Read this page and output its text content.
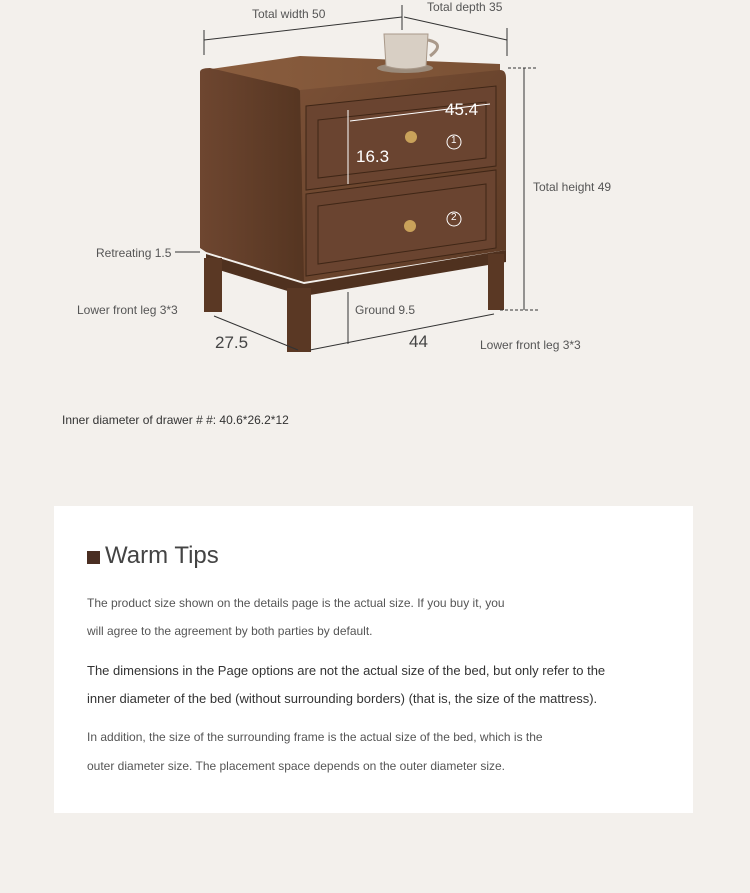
Total width 50	Total depth 35
Total height 49
Retreating 1.5
Lower front leg 3*3
Lower front leg 3*3
Ground 9.5
27.5	44
45.4
16.3
1
2
Inner diameter of drawer # #: 40.6*26.2*12
Warm Tips
The product size shown on the details page is the actual size. If you buy it, you
will agree to the agreement by both parties by default.
The dimensions in the Page options are not the actual size of the bed, but only refer to the
inner diameter of the bed (without surrounding borders) (that is, the size of the mattress).
In addition, the size of the surrounding frame is the actual size of the bed, which is the
outer diameter size. The placement space depends on the outer diameter size.
